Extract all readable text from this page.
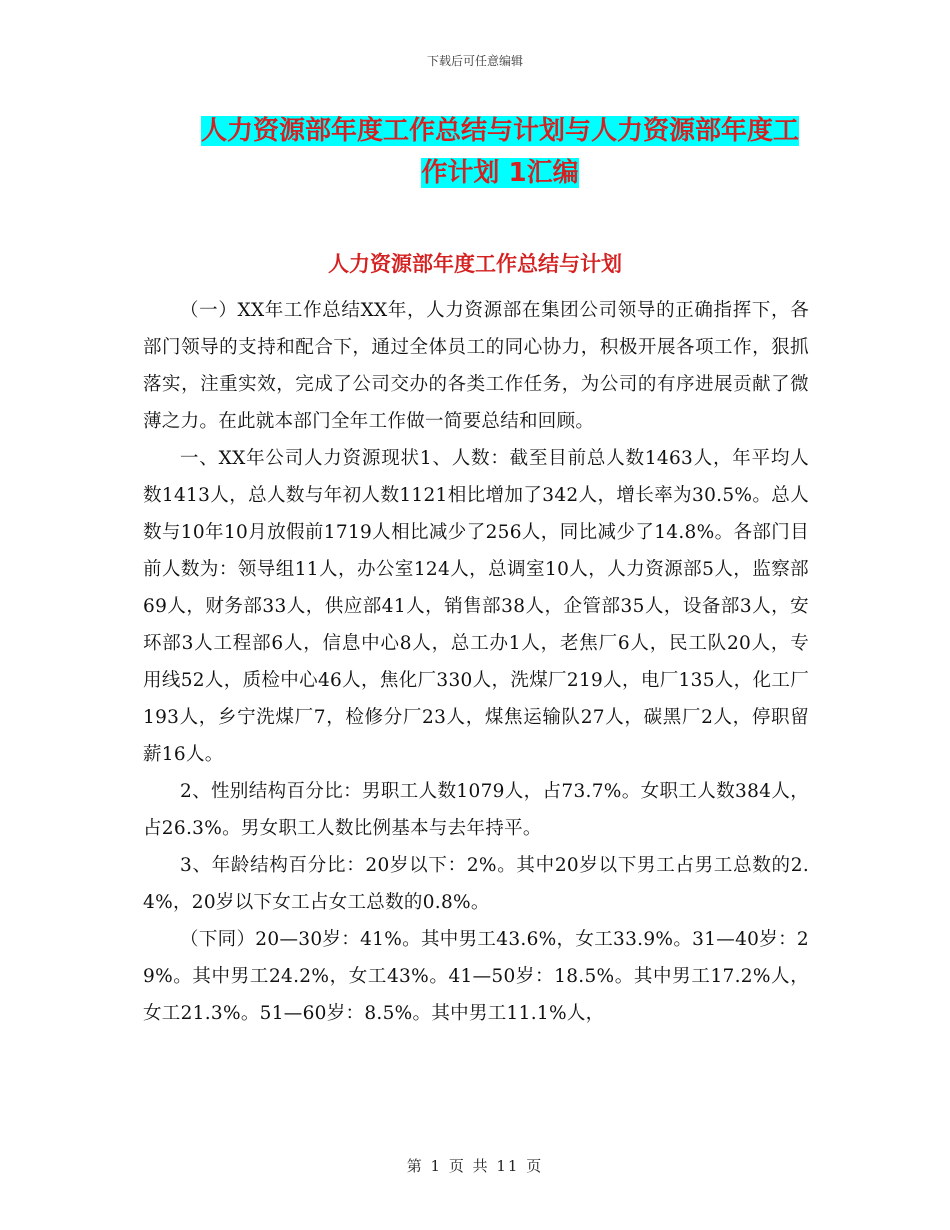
下载后可任意编辑
人力资源部年度工作总结与计划与人力资源部年度工
作计划 1汇编
人力资源部年度工作总结与计划

（一）XX年工作总结XX年，人力资源部在集团公司领导的正确指挥下，各部门领导的支持和配合下，通过全体员工的同心协力，积极开展各项工作，狠抓落实，注重实效，完成了公司交办的各类工作任务，为公司的有序进展贡献了微薄之力。在此就本部门全年工作做一简要总结和回顾。

一、XX年公司人力资源现状1、人数：截至目前总人数1463人，年平均人数1413人，总人数与年初人数1121相比增加了342人，增长率为30.5%。总人数与10年10月放假前1719人相比减少了256人，同比减少了14.8%。各部门目前人数为：领导组11人，办公室124人，总调室10人，人力资源部5人，监察部69人，财务部33人，供应部41人，销售部38人，企管部35人，设备部3人，安环部3人工程部6人，信息中心8人，总工办1人，老焦厂6人，民工队20人，专用线52人，质检中心46人，焦化厂330人，洗煤厂219人，电厂135人，化工厂193人，乡宁洗煤厂7，检修分厂23人，煤焦运输队27人，碳黑厂2人，停职留薪16人。

2、性别结构百分比：男职工人数1079人，占73.7%。女职工人数384人，占26.3%。男女职工人数比例基本与去年持平。

3、年龄结构百分比：20岁以下：2%。其中20岁以下男工占男工总数的2.4%，20岁以下女工占女工总数的0.8%。

（下同）20—30岁：41%。其中男工43.6%，女工33.9%。31—40岁：29%。其中男工24.2%，女工43%。41—50岁：18.5%。其中男工17.2%人，女工21.3%。51—60岁：8.5%。其中男工11.1%人，

第 1 页 共 11 页
